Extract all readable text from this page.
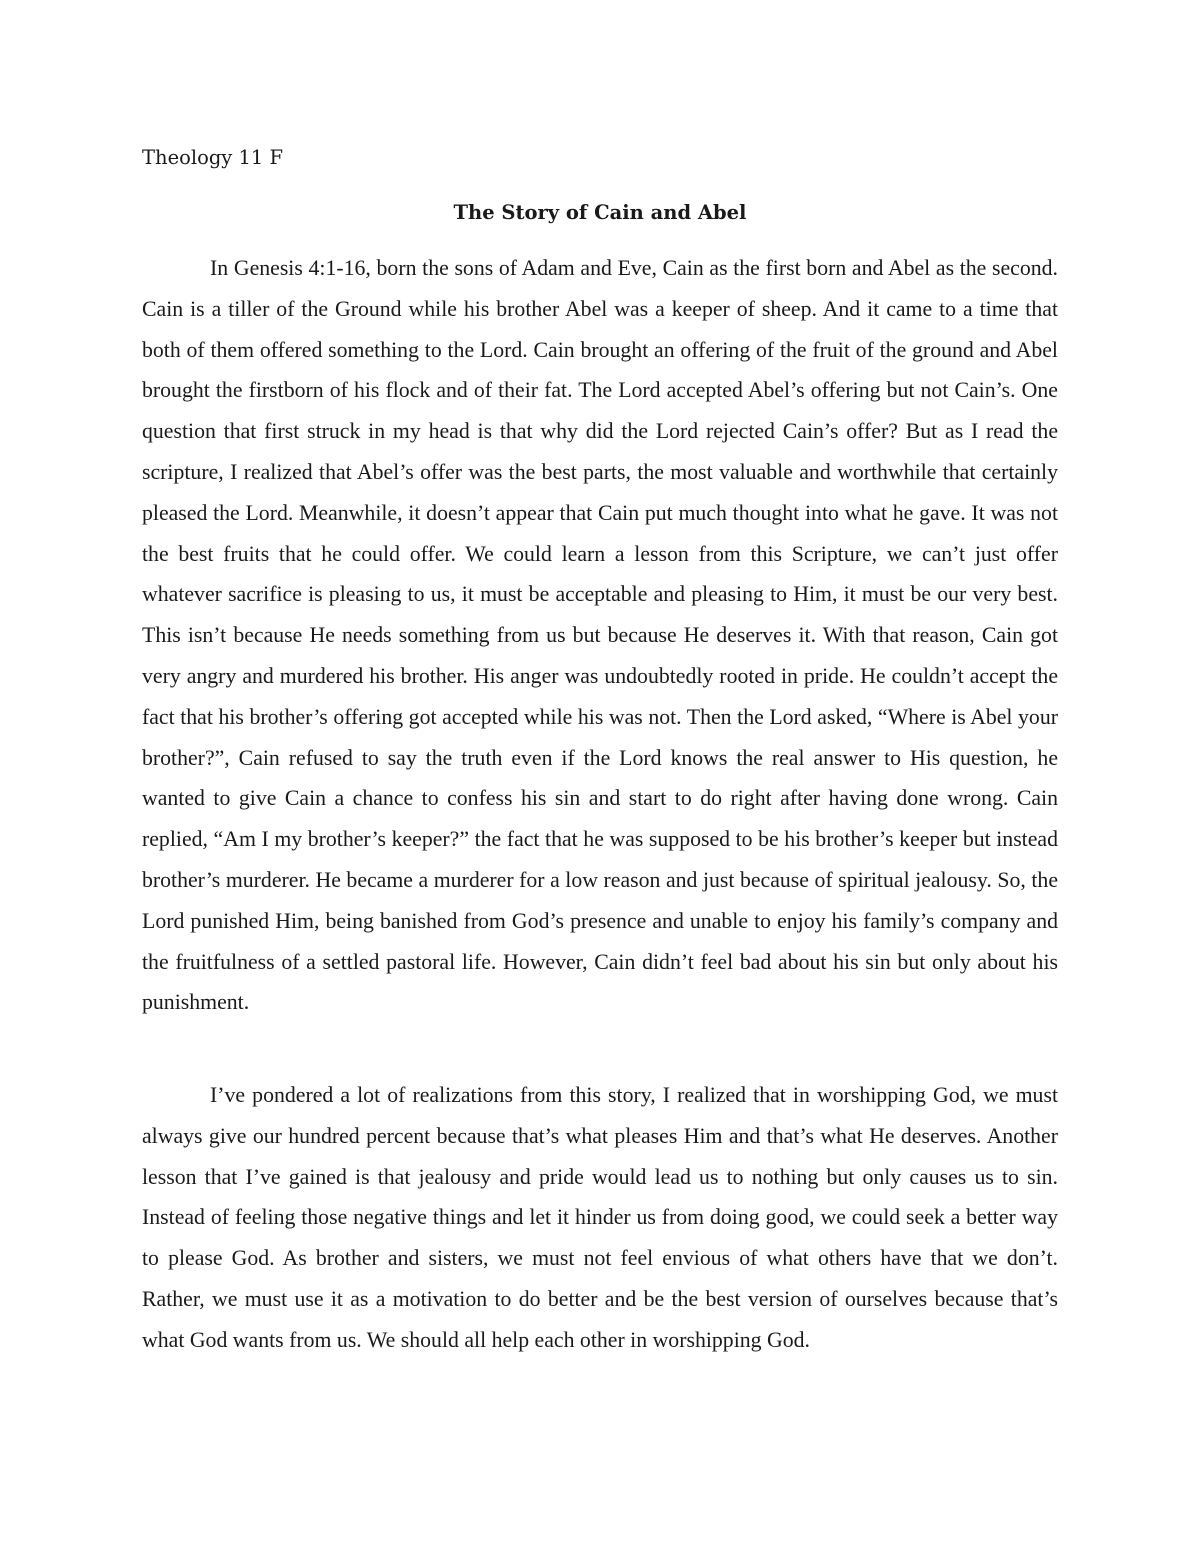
Theology 11 F
The Story of Cain and Abel

In Genesis 4:1-16, born the sons of Adam and Eve, Cain as the first born and Abel as the second. Cain is a tiller of the Ground while his brother Abel was a keeper of sheep. And it came to a time that both of them offered something to the Lord. Cain brought an offering of the fruit of the ground and Abel brought the firstborn of his flock and of their fat. The Lord accepted Abel’s offering but not Cain’s. One question that first struck in my head is that why did the Lord rejected Cain’s offer? But as I read the scripture, I realized that Abel’s offer was the best parts, the most valuable and worthwhile that certainly pleased the Lord. Meanwhile, it doesn’t appear that Cain put much thought into what he gave. It was not the best fruits that he could offer. We could learn a lesson from this Scripture, we can’t just offer whatever sacrifice is pleasing to us, it must be acceptable and pleasing to Him, it must be our very best. This isn’t because He needs something from us but because He deserves it. With that reason, Cain got very angry and murdered his brother. His anger was undoubtedly rooted in pride. He couldn’t accept the fact that his brother’s offering got accepted while his was not. Then the Lord asked, “Where is Abel your brother?”, Cain refused to say the truth even if the Lord knows the real answer to His question, he wanted to give Cain a chance to confess his sin and start to do right after having done wrong. Cain replied, “Am I my brother’s keeper?” the fact that he was supposed to be his brother’s keeper but instead brother’s murderer. He became a murderer for a low reason and just because of spiritual jealousy. So, the Lord punished Him, being banished from God’s presence and unable to enjoy his family’s company and the fruitfulness of a settled pastoral life. However, Cain didn’t feel bad about his sin but only about his punishment.

I’ve pondered a lot of realizations from this story, I realized that in worshipping God, we must always give our hundred percent because that’s what pleases Him and that’s what He deserves. Another lesson that I’ve gained is that jealousy and pride would lead us to nothing but only causes us to sin. Instead of feeling those negative things and let it hinder us from doing good, we could seek a better way to please God. As brother and sisters, we must not feel envious of what others have that we don’t. Rather, we must use it as a motivation to do better and be the best version of ourselves because that’s what God wants from us. We should all help each other in worshipping God.
